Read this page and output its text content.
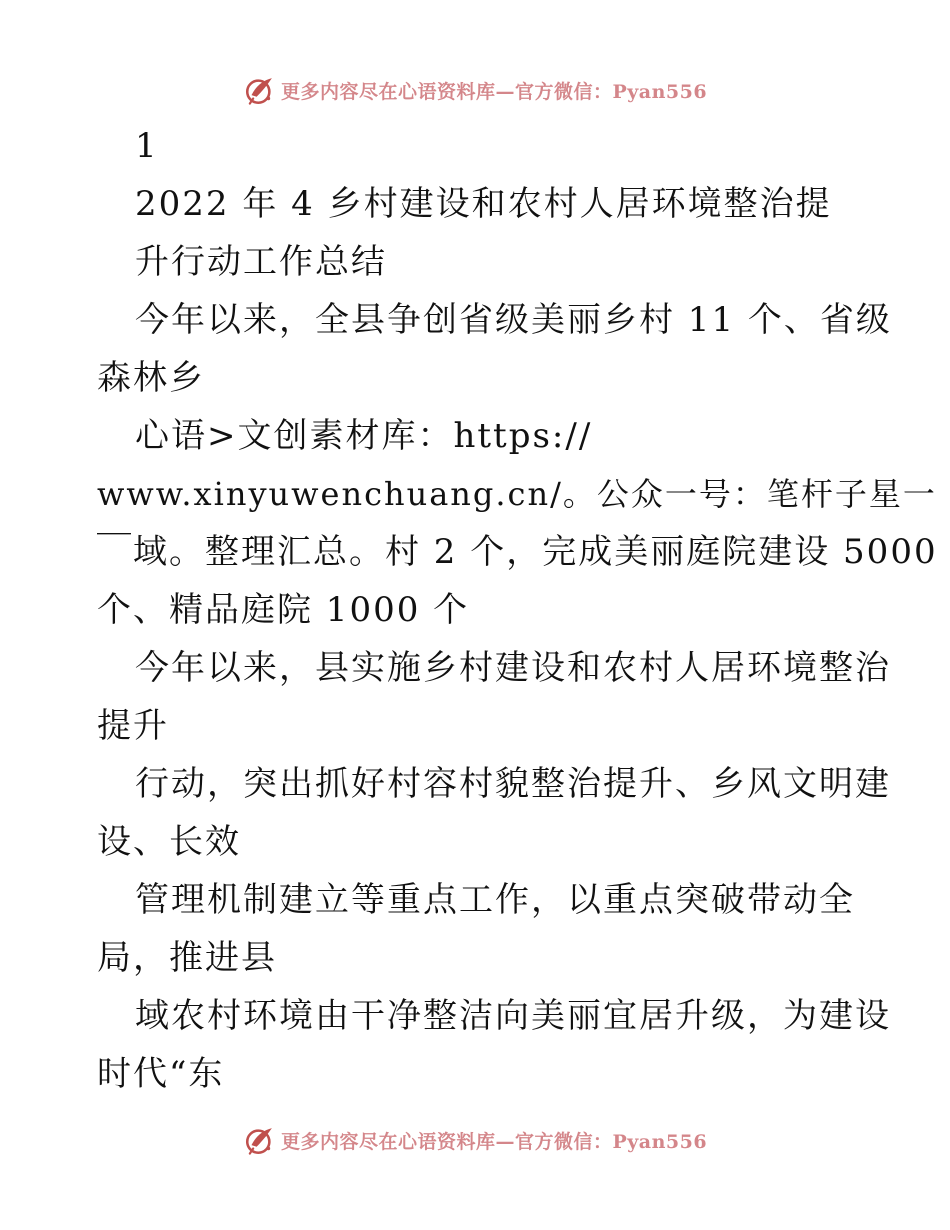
更多内容尽在心语资料库—官方微信：Pyan556
1
2022 年 4 乡村建设和农村人居环境整治提
升行动工作总结
今年以来，全县争创省级美丽乡村 11 个、省级
森林乡
心语>文创素材库：https://
www.xinyuwenchuang.cn/。公众一号：笔杆子星一
￣域。整理汇总。村 2 个，完成美丽庭院建设 5000
个、精品庭院 1000 个
今年以来，县实施乡村建设和农村人居环境整治
提升
行动，突出抓好村容村貌整治提升、乡风文明建
设、长效
管理机制建立等重点工作，以重点突破带动全
局，推进县
域农村环境由干净整洁向美丽宜居升级，为建设
时代“东
更多内容尽在心语资料库—官方微信：Pyan556
